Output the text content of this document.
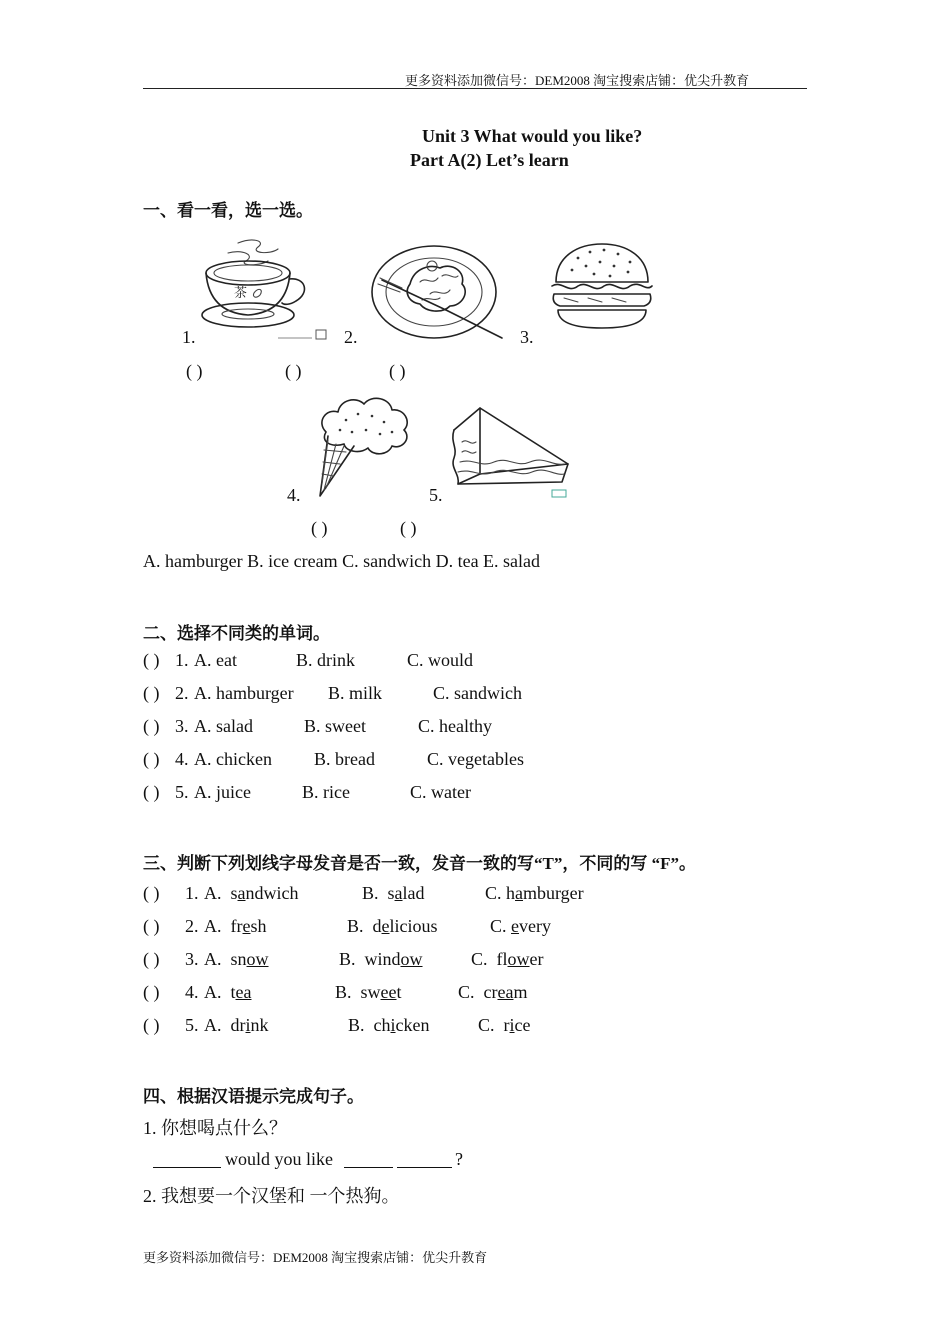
更多资料添加微信号：DEM2008 淘宝搜索店铺：优尖升教育
Unit 3 What would you like?
Part A(2) Let’s learn
一、看一看，选一选。
茶
1.
( )
2.
( )
3.
( )
4.
( )
5.
( )
A. hamburger B. ice cream C. sandwich D. tea E. salad
二、选择不同类的单词。
( ) 1. A. eat	B. drink	C. would
( ) 2. A. hamburger B. milk	C. sandwich
( ) 3. A. salad	B. sweet	C. healthy
( ) 4. A. chicken B. bread	C. vegetables
( ) 5. A. juice	B. rice	C. water
三、判断下列划线字母发音是否一致，发音一致的写“T”，不同的写 “F”。
( ) 1. A. sandwich	B. salad	C. hamburger
( ) 2. A. fresh	B. delicious	C. every
( ) 3. A. snow	B. window	C. flower
( ) 4. A. tea	B. sweet	C. cream
( ) 5. A. drink	B. chicken	C. rice
四、根据汉语提示完成句子。
1. 你想喝点什么？
would you like	?
2. 我想要一个汉堡和 一个热狗。
更多资料添加微信号：DEM2008 淘宝搜索店铺：优尖升教育
